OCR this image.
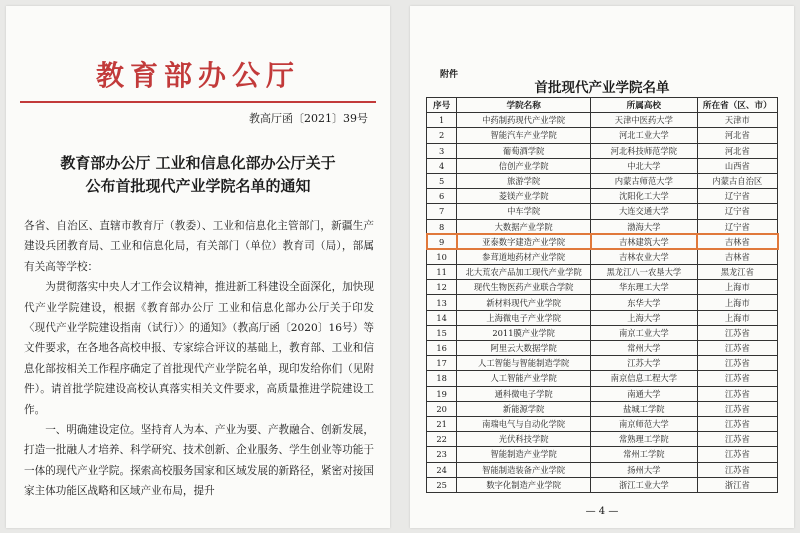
教育部办公厅
教高厅函〔2021〕39号
教育部办公厅 工业和信息化部办公厅关于
公布首批现代产业学院名单的通知

各省、自治区、直辖市教育厅（教委）、工业和信息化主管部门，新疆生产建设兵团教育局、工业和信息化局，有关部门（单位）教育司（局），部属有关高等学校：

为贯彻落实中央人才工作会议精神，推进新工科建设全面深化，加快现代产业学院建设，根据《教育部办公厅 工业和信息化部办公厅关于印发〈现代产业学院建设指南（试行）〉的通知》（教高厅函〔2020〕16号）等文件要求，在各地各高校申报、专家综合评议的基础上，教育部、工业和信息化部按相关工作程序确定了首批现代产业学院名单，现印发给你们（见附件）。请首批学院建设高校认真落实相关文件要求，高质量推进学院建设工作。

一、明确建设定位。坚持育人为本、产业为要、产教融合、创新发展，打造一批融人才培养、科学研究、技术创新、企业服务、学生创业等功能于一体的现代产业学院。探索高校服务国家和区域发展的新路径，紧密对接国家主体功能区战略和区域产业布局，提升

附件
首批现代产业学院名单
序号	学院名称	所属高校	所在省（区、市）
1	中药制药现代产业学院	天津中医药大学	天津市
2	智能汽车产业学院	河北工业大学	河北省
3	葡萄酒学院	河北科技师范学院	河北省
4	信创产业学院	中北大学	山西省
5	旅游学院	内蒙古师范大学	内蒙古自治区
6	菱镁产业学院	沈阳化工大学	辽宁省
7	中车学院	大连交通大学	辽宁省
8	大数据产业学院	渤海大学	辽宁省
9	亚泰数字建造产业学院	吉林建筑大学	吉林省
10	参茸道地药材产业学院	吉林农业大学	吉林省
11	北大荒农产品加工现代产业学院	黑龙江八一农垦大学	黑龙江省
12	现代生物医药产业联合学院	华东理工大学	上海市
13	新材料现代产业学院	东华大学	上海市
14	上海微电子产业学院	上海大学	上海市
15	2011膜产业学院	南京工业大学	江苏省
16	阿里云大数据学院	常州大学	江苏省
17	人工智能与智能制造学院	江苏大学	江苏省
18	人工智能产业学院	南京信息工程大学	江苏省
19	通科微电子学院	南通大学	江苏省
20	新能源学院	盐城工学院	江苏省
21	南瑞电气与自动化学院	南京师范大学	江苏省
22	光伏科技学院	常熟理工学院	江苏省
23	智能制造产业学院	常州工学院	江苏省
24	智能制造装备产业学院	扬州大学	江苏省
25	数字化制造产业学院	浙江工业大学	浙江省
— 4 —
